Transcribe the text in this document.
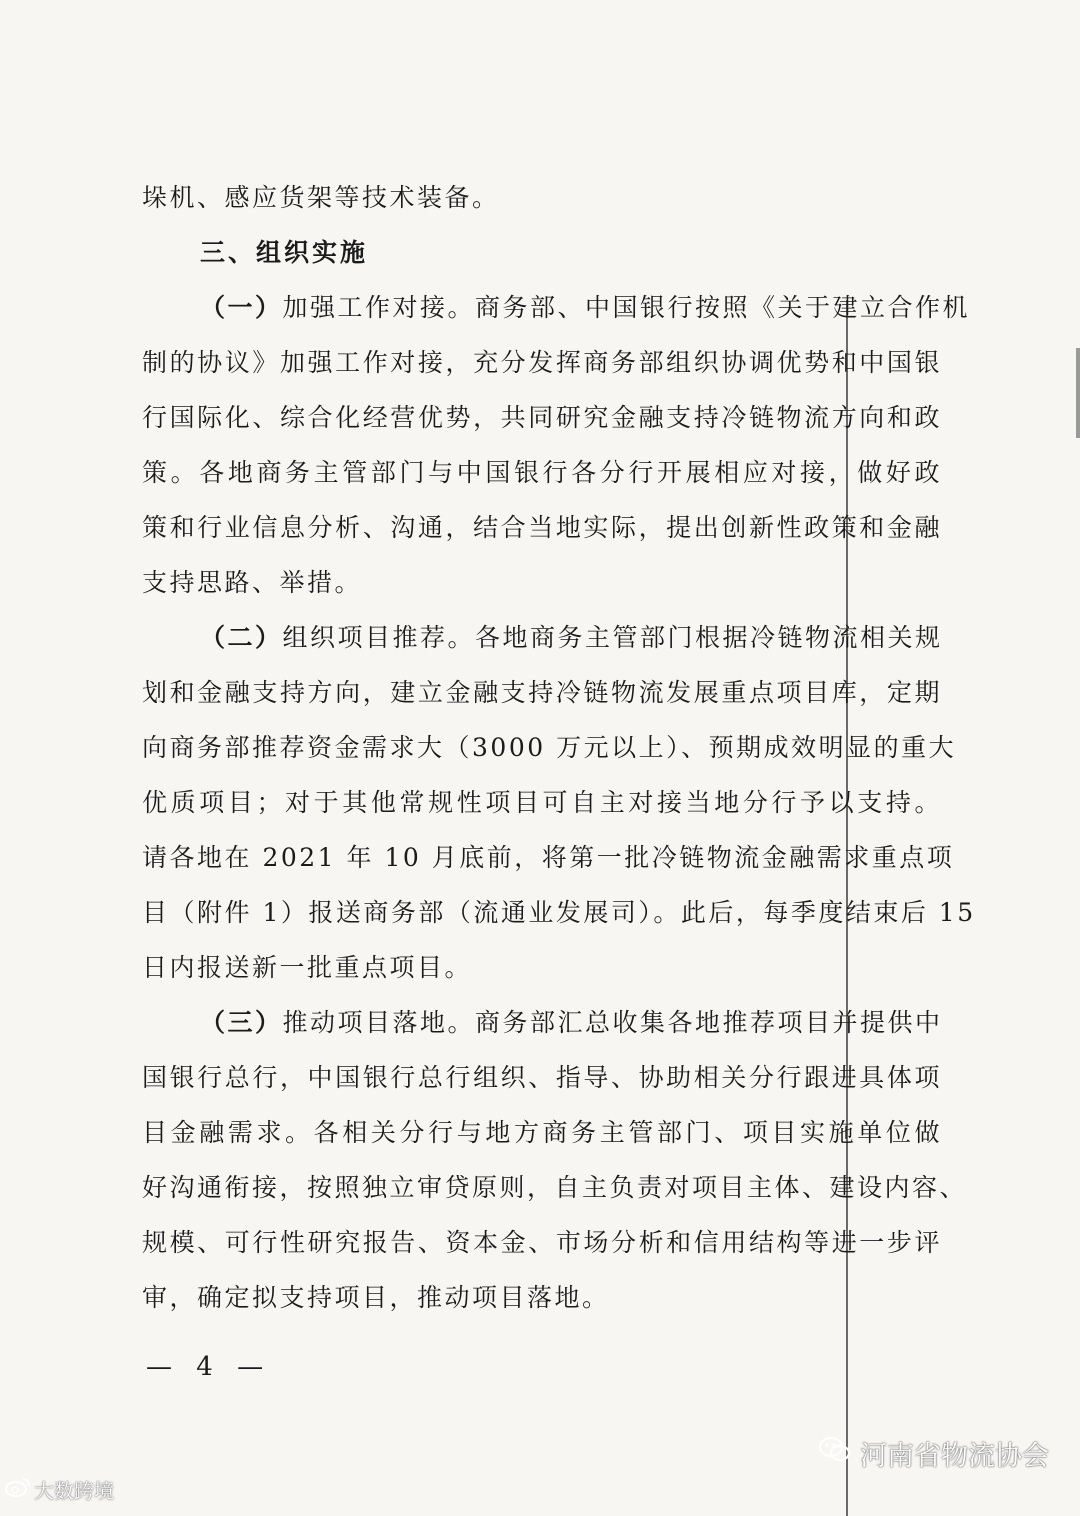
垛机、感应货架等技术装备。
三、组织实施
（一）加强工作对接。商务部、中国银行按照《关于建立合作机
制的协议》加强工作对接，充分发挥商务部组织协调优势和中国银
行国际化、综合化经营优势，共同研究金融支持冷链物流方向和政
策。各地商务主管部门与中国银行各分行开展相应对接，做好政
策和行业信息分析、沟通，结合当地实际，提出创新性政策和金融
支持思路、举措。
（二）组织项目推荐。各地商务主管部门根据冷链物流相关规
划和金融支持方向，建立金融支持冷链物流发展重点项目库，定期
向商务部推荐资金需求大（3000 万元以上）、预期成效明显的重大
优质项目；对于其他常规性项目可自主对接当地分行予以支持。
请各地在 2021 年 10 月底前，将第一批冷链物流金融需求重点项
目（附件 1）报送商务部（流通业发展司）。此后，每季度结束后 15
日内报送新一批重点项目。
（三）推动项目落地。商务部汇总收集各地推荐项目并提供中
国银行总行，中国银行总行组织、指导、协助相关分行跟进具体项
目金融需求。各相关分行与地方商务主管部门、项目实施单位做
好沟通衔接，按照独立审贷原则，自主负责对项目主体、建设内容、
规模、可行性研究报告、资本金、市场分析和信用结构等进一步评
审，确定拟支持项目，推动项目落地。
— 4 —
大数跨境
河南省物流协会
